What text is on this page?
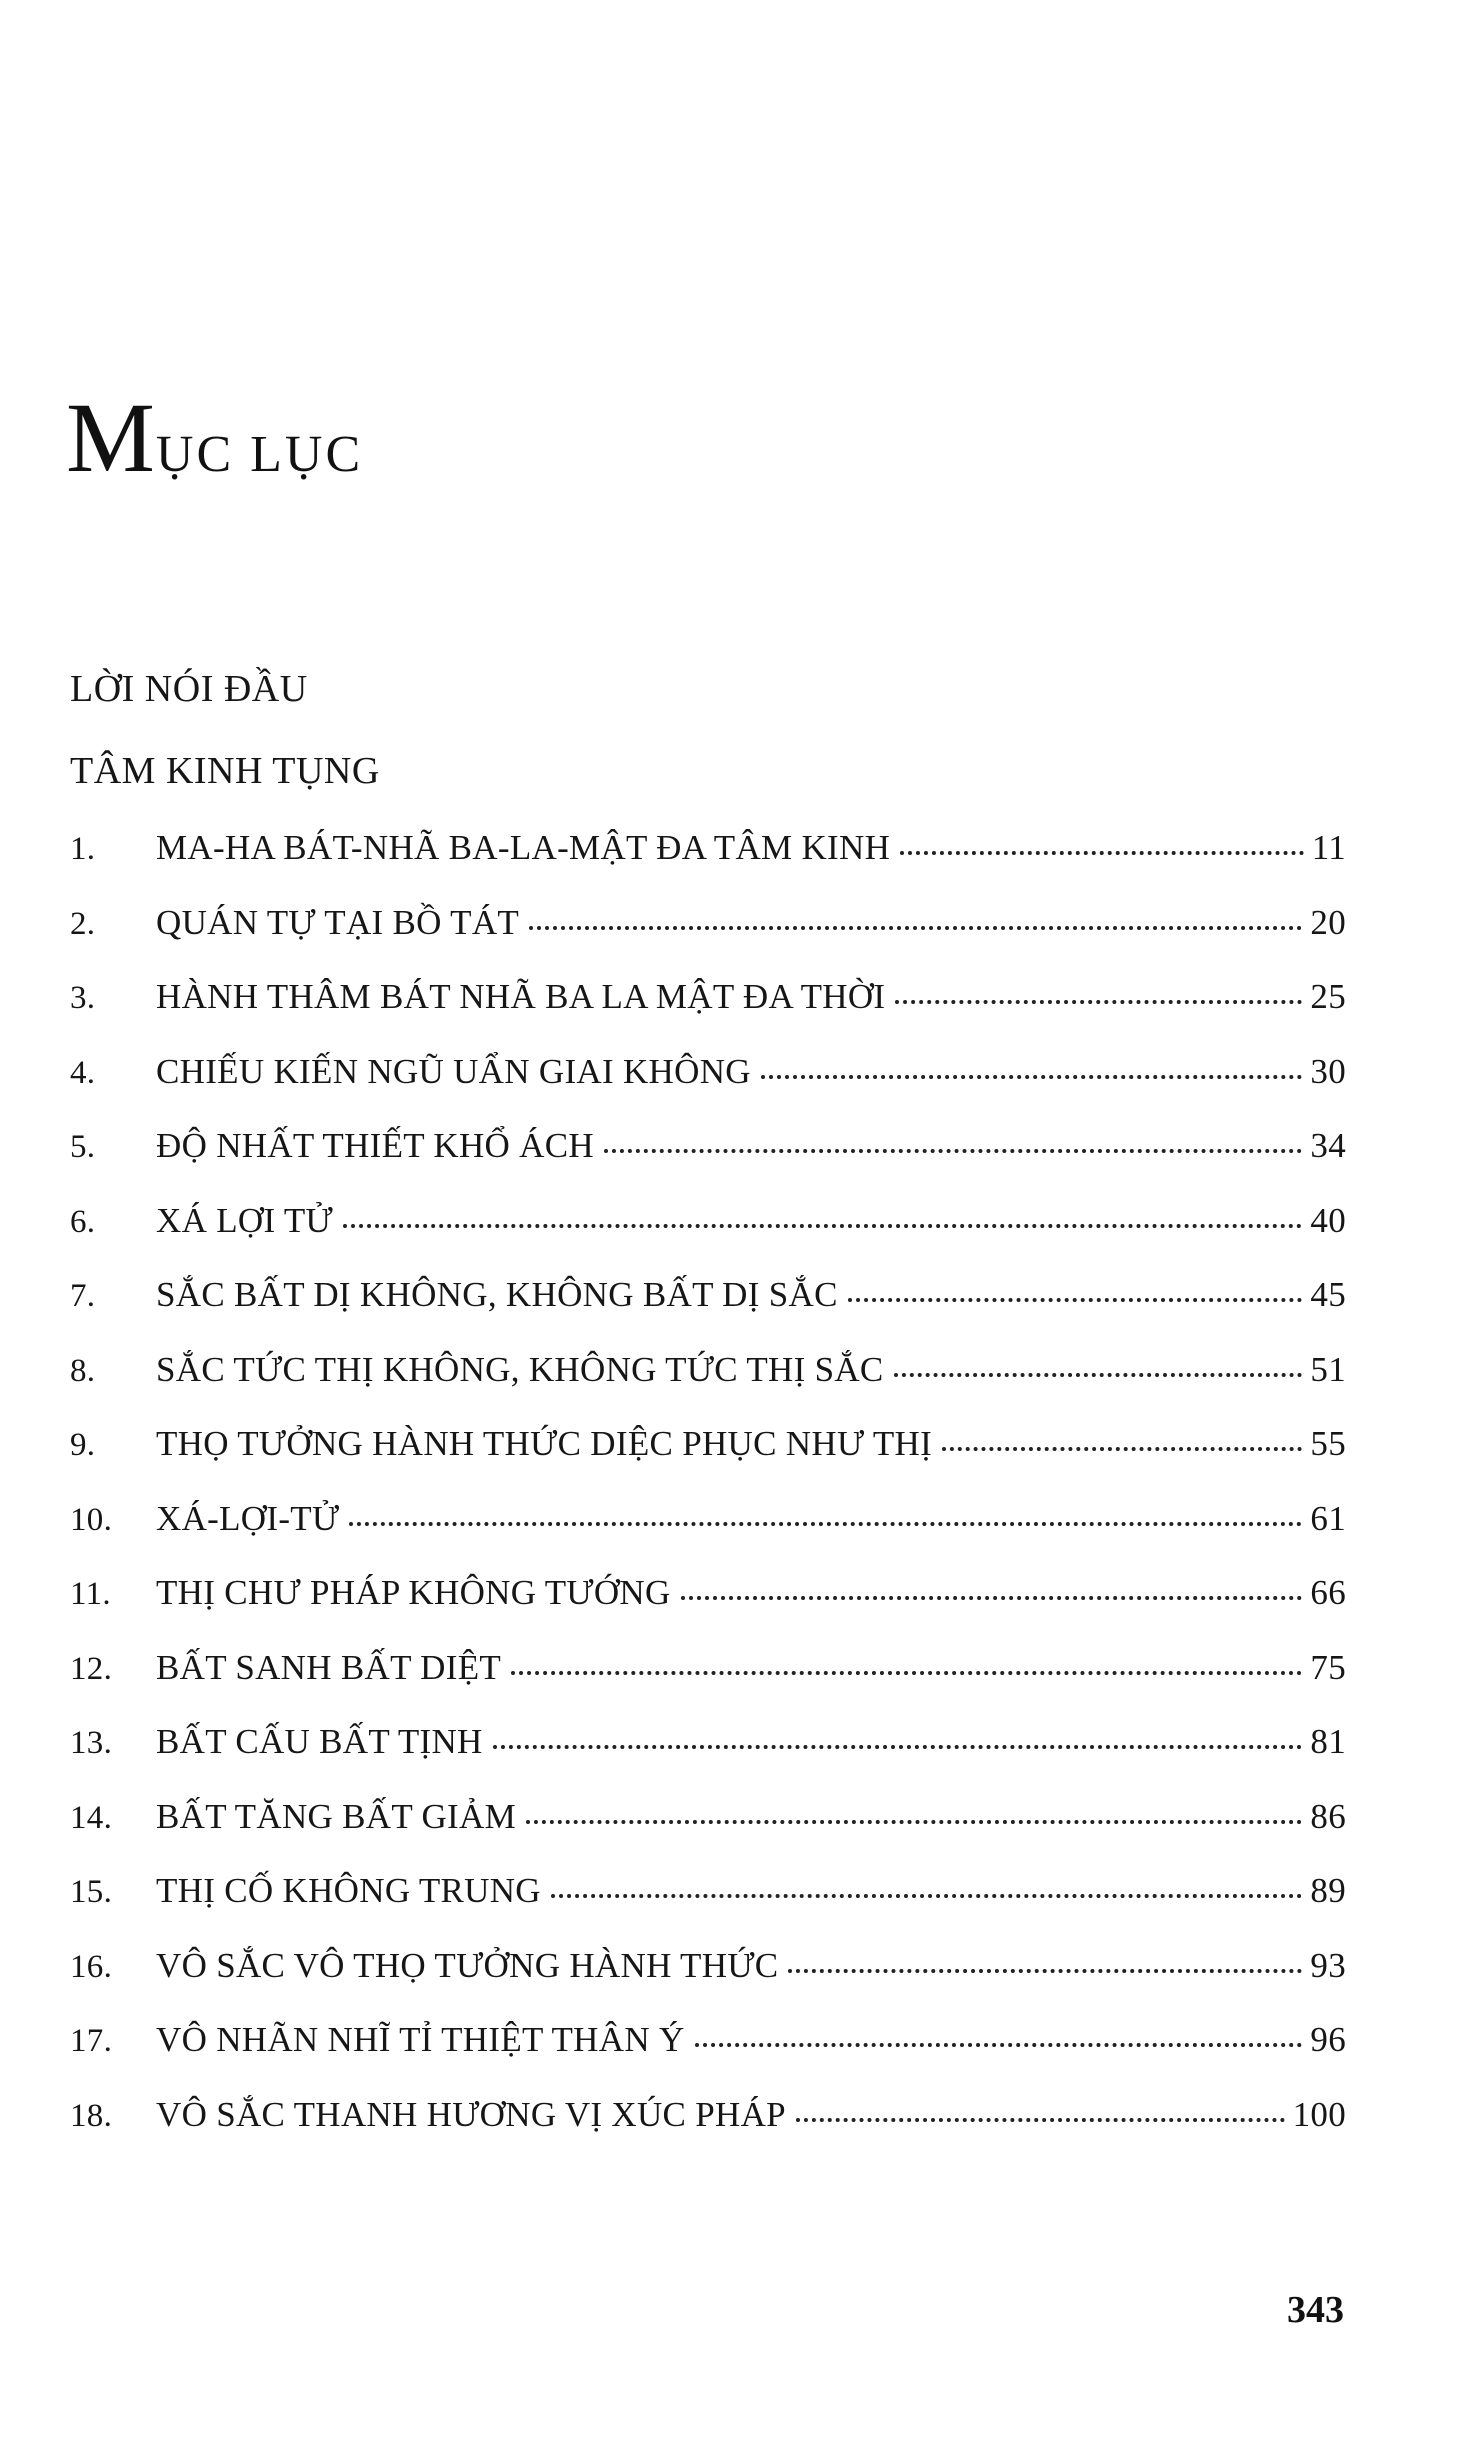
MỤC LỤC
LỜI NÓI ĐẦU
TÂM KINH TỤNG
1.	MA-HA BÁT-NHÃ BA-LA-MẬT ĐA TÂM KINH	11
2.	QUÁN TỰ TẠI BỒ TÁT	20
3.	HÀNH THÂM BÁT NHÃ BA LA MẬT ĐA THỜI	25
4.	CHIẾU KIẾN NGŨ UẨN GIAI KHÔNG	30
5.	ĐỘ NHẤT THIẾT KHỔ ÁCH	34
6.	XÁ LỢI TỬ	40
7.	SẮC BẤT DỊ KHÔNG, KHÔNG BẤT DỊ SẮC	45
8.	SẮC TỨC THỊ KHÔNG, KHÔNG TỨC THỊ SẮC	51
9.	THỌ TƯỞNG HÀNH THỨC DIỆC PHỤC NHƯ THỊ	55
10.	XÁ-LỢI-TỬ	61
11.	THỊ CHƯ PHÁP KHÔNG TƯỚNG	66
12.	BẤT SANH BẤT DIỆT	75
13.	BẤT CẤU BẤT TỊNH	81
14.	BẤT TĂNG BẤT GIẢM	86
15.	THỊ CỐ KHÔNG TRUNG	89
16.	VÔ SẮC VÔ THỌ TƯỞNG HÀNH THỨC	93
17.	VÔ NHÃN NHĨ TỈ THIỆT THÂN Ý	96
18.	VÔ SẮC THANH HƯƠNG VỊ XÚC PHÁP	100
343
